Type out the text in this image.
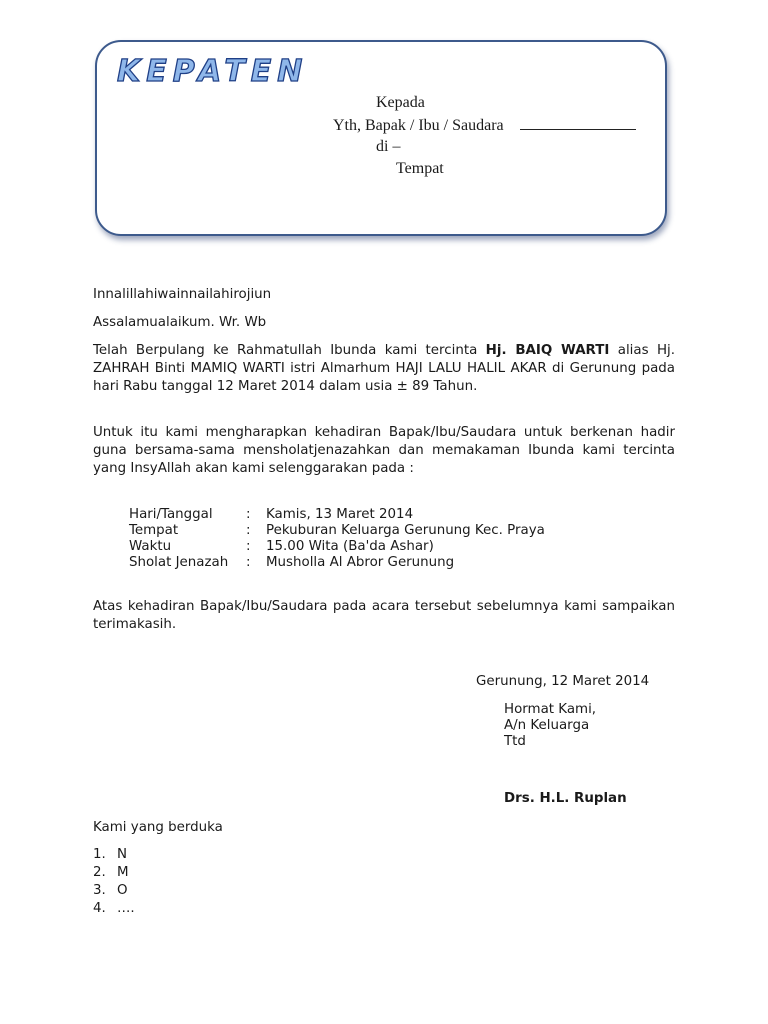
KEPATEN
Kepada
Yth, Bapak / Ibu / Saudara
di –
Tempat
Innalillahiwainnailahirojiun
Assalamualaikum. Wr. Wb
Telah Berpulang ke Rahmatullah Ibunda kami tercinta Hj. BAIQ WARTI alias Hj. ZAHRAH Binti MAMIQ WARTI istri Almarhum HAJI LALU HALIL AKAR di Gerunung pada hari Rabu tanggal 12 Maret 2014 dalam usia ± 89 Tahun.
Untuk itu kami mengharapkan kehadiran Bapak/Ibu/Saudara untuk berkenan hadir guna bersama-sama mensholatjenazahkan dan memakaman Ibunda kami tercinta yang InsyAllah akan kami selenggarakan pada :
Hari/Tanggal : Kamis, 13 Maret 2014
Tempat	: Pekuburan Keluarga Gerunung Kec. Praya
Waktu	: 15.00 Wita (Ba'da Ashar)
Sholat Jenazah : Musholla Al Abror Gerunung
Atas kehadiran Bapak/Ibu/Saudara pada acara tersebut sebelumnya kami sampaikan terimakasih.
Gerunung, 12 Maret 2014
Hormat Kami,
A/n Keluarga
Ttd
Drs. H.L. Ruplan
Kami yang berduka
1. N
2. M
3. O
4. ….
